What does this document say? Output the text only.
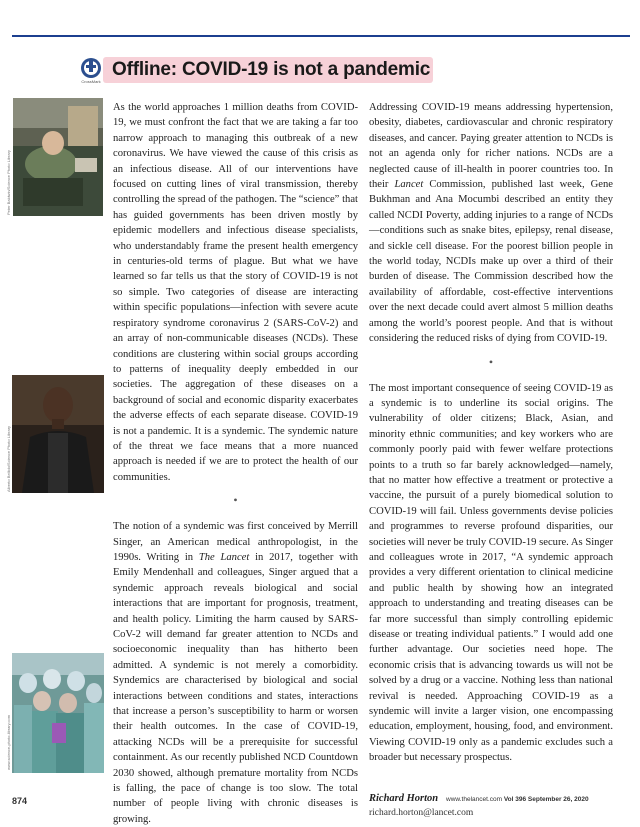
CrossMark
Offline: COVID-19 is not a pandemic
Peter Baldwin/Science Photo Library
Alberto Bellido/Science Photo Library
www.science-photo-library.com

As the world approaches 1 million deaths from COVID-19, we must confront the fact that we are taking a far too narrow approach to managing this outbreak of a new coronavirus. We have viewed the cause of this crisis as an infectious disease. All of our interventions have focused on cutting lines of viral transmission, thereby controlling the spread of the pathogen. The “science” that has guided governments has been driven mostly by epidemic modellers and infectious disease specialists, who understandably frame the present health emergency in centuries-old terms of plague. But what we have learned so far tells us that the story of COVID-19 is not so simple. Two categories of disease are interacting within specific populations—infection with severe acute respiratory syndrome coronavirus 2 (SARS-CoV-2) and an array of non-communicable diseases (NCDs). These conditions are clustering within social groups according to patterns of inequality deeply embedded in our societies. The aggregation of these diseases on a background of social and economic disparity exacerbates the adverse effects of each separate disease. COVID-19 is not a pandemic. It is a syndemic. The syndemic nature of the threat we face means that a more nuanced approach is needed if we are to protect the health of our communities.

•

The notion of a syndemic was first conceived by Merrill Singer, an American medical anthropologist, in the 1990s. Writing in The Lancet in 2017, together with Emily Mendenhall and colleagues, Singer argued that a syndemic approach reveals biological and social interactions that are important for prognosis, treatment, and health policy. Limiting the harm caused by SARS-CoV-2 will demand far greater attention to NCDs and socioeconomic inequality than has hitherto been admitted. A syndemic is not merely a comorbidity. Syndemics are characterised by biological and social interactions between conditions and states, interactions that increase a person’s susceptibility to harm or worsen their health outcomes. In the case of COVID-19, attacking NCDs will be a prerequisite for successful containment. As our recently published NCD Countdown 2030 showed, although premature mortality from NCDs is falling, the pace of change is too slow. The total number of people living with chronic diseases is growing.

Addressing COVID-19 means addressing hypertension, obesity, diabetes, cardiovascular and chronic respiratory diseases, and cancer. Paying greater attention to NCDs is not an agenda only for richer nations. NCDs are a neglected cause of ill-health in poorer countries too. In their Lancet Commission, published last week, Gene Bukhman and Ana Mocumbi described an entity they called NCDI Poverty, adding injuries to a range of NCDs—conditions such as snake bites, epilepsy, renal disease, and sickle cell disease. For the poorest billion people in the world today, NCDIs make up over a third of their burden of disease. The Commission described how the availability of affordable, cost-effective interventions over the next decade could avert almost 5 million deaths among the world’s poorest people. And that is without considering the reduced risks of dying from COVID-19.

•

The most important consequence of seeing COVID-19 as a syndemic is to underline its social origins. The vulnerability of older citizens; Black, Asian, and minority ethnic communities; and key workers who are commonly poorly paid with fewer welfare protections points to a truth so far barely acknowledged—namely, that no matter how effective a treatment or protective a vaccine, the pursuit of a purely biomedical solution to COVID-19 will fail. Unless governments devise policies and programmes to reverse profound disparities, our societies will never be truly COVID-19 secure. As Singer and colleagues wrote in 2017, “A syndemic approach provides a very different orientation to clinical medicine and public health by showing how an integrated approach to understanding and treating diseases can be far more successful than simply controlling epidemic disease or treating individual patients.” I would add one further advantage. Our societies need hope. The economic crisis that is advancing towards us will not be solved by a drug or a vaccine. Nothing less than national revival is needed. Approaching COVID-19 as a syndemic will invite a larger vision, one encompassing education, employment, housing, food, and environment. Viewing COVID-19 only as a pandemic excludes such a broader but necessary prospectus.

Richard Horton
richard.horton@lancet.com
874	www.thelancet.com Vol 396 September 26, 2020
